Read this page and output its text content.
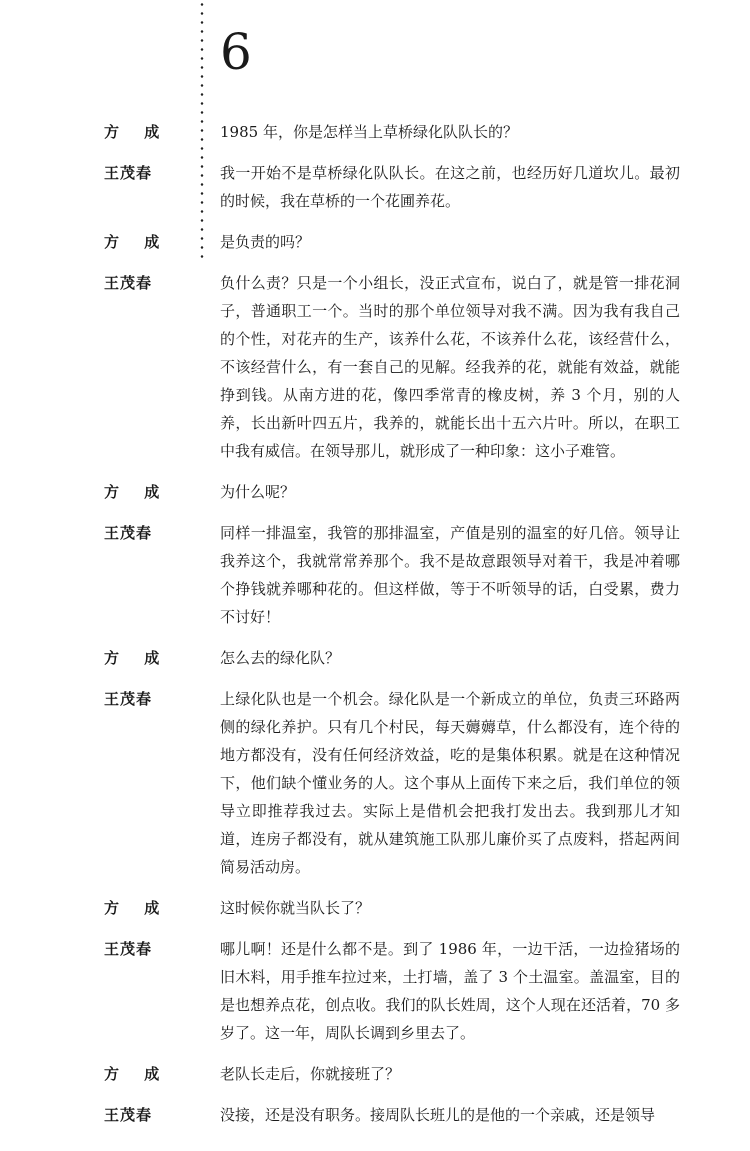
6
方 成	1985 年，你是怎样当上草桥绿化队队长的？
王茂春	我一开始不是草桥绿化队队长。在这之前，也经历好几道坎儿。最初的时候，我在草桥的一个花圃养花。
方 成	是负责的吗？
王茂春	负什么责？只是一个小组长，没正式宣布，说白了，就是管一排花洞子，普通职工一个。当时的那个单位领导对我不满。因为我有我自己的个性，对花卉的生产，该养什么花，不该养什么花，该经营什么，不该经营什么，有一套自己的见解。经我养的花，就能有效益，就能挣到钱。从南方进的花，像四季常青的橡皮树，养 3 个月，别的人养，长出新叶四五片，我养的，就能长出十五六片叶。所以，在职工中我有威信。在领导那儿，就形成了一种印象：这小子难管。
方 成	为什么呢？
王茂春	同样一排温室，我管的那排温室，产值是别的温室的好几倍。领导让我养这个，我就常常养那个。我不是故意跟领导对着干，我是冲着哪个挣钱就养哪种花的。但这样做，等于不听领导的话，白受累，费力不讨好！
方 成	怎么去的绿化队？
王茂春	上绿化队也是一个机会。绿化队是一个新成立的单位，负责三环路两侧的绿化养护。只有几个村民，每天薅薅草，什么都没有，连个待的地方都没有，没有任何经济效益，吃的是集体积累。就是在这种情况下，他们缺个懂业务的人。这个事从上面传下来之后，我们单位的领导立即推荐我过去。实际上是借机会把我打发出去。我到那儿才知道，连房子都没有，就从建筑施工队那儿廉价买了点废料，搭起两间简易活动房。
方 成	这时候你就当队长了？
王茂春	哪儿啊！还是什么都不是。到了 1986 年，一边干活，一边捡猪场的旧木料，用手推车拉过来，土打墙，盖了 3 个土温室。盖温室，目的是也想养点花，创点收。我们的队长姓周，这个人现在还活着，70 多岁了。这一年，周队长调到乡里去了。
方 成	老队长走后，你就接班了？
王茂春	没接，还是没有职务。接周队长班儿的是他的一个亲戚，还是领导
